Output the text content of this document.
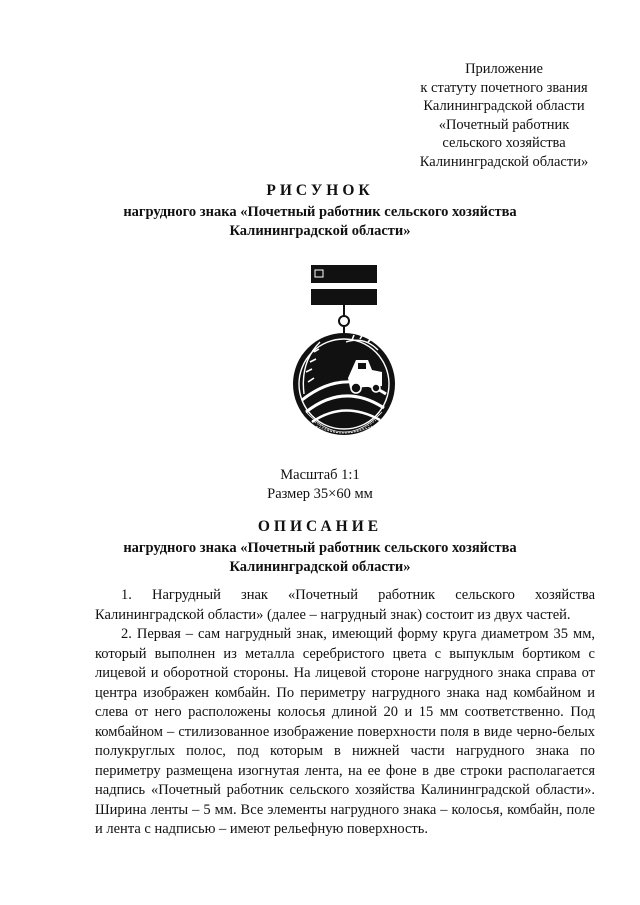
Приложение
к статуту почетного звания
Калининградской области
«Почетный работник
сельского хозяйства
Калининградской области»
РИСУНОК
нагрудного знака «Почетный работник сельского хозяйства
Калининградской области»
Масштаб 1:1
Размер 35×60 мм
ОПИСАНИЕ
нагрудного знака «Почетный работник сельского хозяйства
Калининградской области»

1. Нагрудный знак «Почетный работник сельского хозяйства Калининградской области» (далее – нагрудный знак) состоит из двух частей.

2. Первая – сам нагрудный знак, имеющий форму круга диаметром 35 мм, который выполнен из металла серебристого цвета с выпуклым бортиком с лицевой и оборотной стороны. На лицевой стороне нагрудного знака справа от центра изображен комбайн. По периметру нагрудного знака над комбайном и слева от него расположены колосья длиной 20 и 15 мм соответственно. Под комбайном – стилизованное изображение поверхности поля в виде черно-белых полукруглых полос, под которым в нижней части нагрудного знака по периметру размещена изогнутая лента, на ее фоне в две строки располагается надпись «Почетный работник сельского хозяйства Калининградской области». Ширина ленты – 5 мм. Все элементы нагрудного знака – колосья, комбайн, поле и лента с надписью – имеют рельефную поверхность.
